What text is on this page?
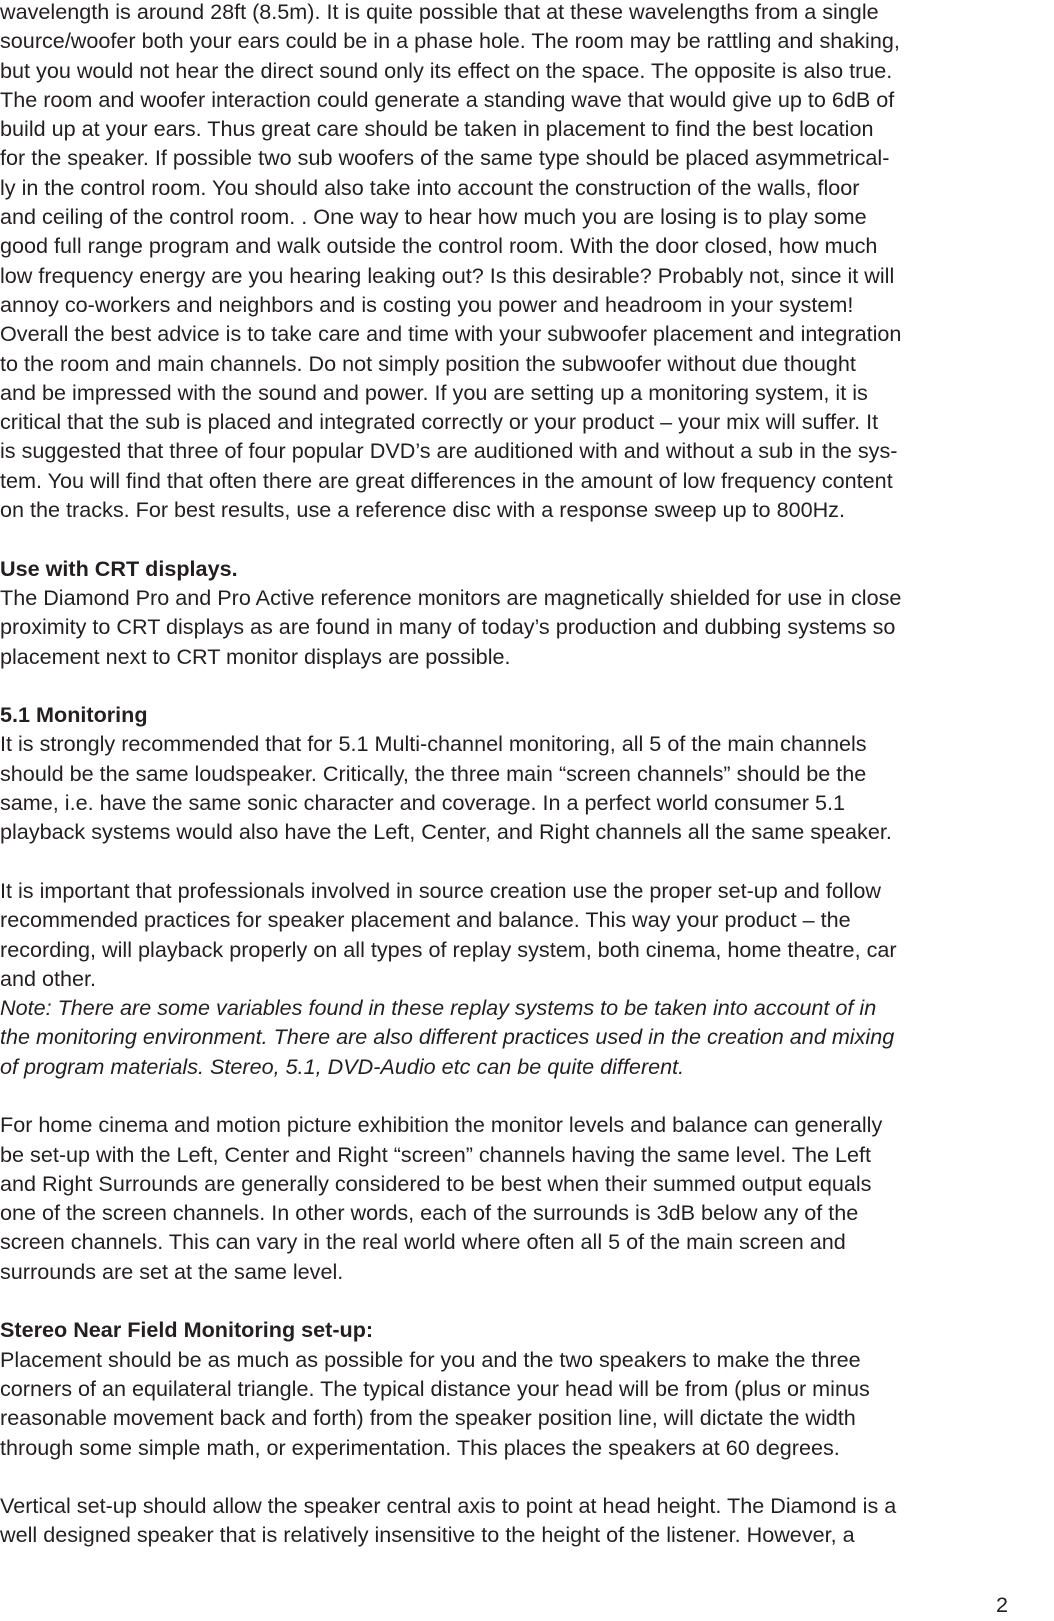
wavelength is around 28ft (8.5m). It is quite possible that at these wavelengths from a single
source/woofer both your ears could be in a phase hole. The room may be rattling and shaking,
but you would not hear the direct sound only its effect on the space. The opposite is also true.
The room and woofer interaction could generate a standing wave that would give up to 6dB of
build up at your ears. Thus great care should be taken in placement to find the best location
for the speaker. If possible two sub woofers of the same type should be placed asymmetrical-
ly in the control room. You should also take into account the construction of the walls, floor
and ceiling of the control room. . One way to hear how much you are losing is to play some
good full range program and walk outside the control room. With the door closed, how much
low frequency energy are you hearing leaking out? Is this desirable? Probably not, since it will
annoy co-workers and neighbors and is costing you power and headroom in your system!
Overall the best advice is to take care and time with your subwoofer placement and integration
to the room and main channels. Do not simply position the subwoofer without due thought
and be impressed with the sound and power. If you are setting up a monitoring system, it is
critical that the sub is placed and integrated correctly or your product – your mix will suffer. It
is suggested that three of four popular DVD’s are auditioned with and without a sub in the sys-
tem. You will find that often there are great differences in the amount of low frequency content
on the tracks. For best results, use a reference disc with a response sweep up to 800Hz.
Use with CRT displays.
The Diamond Pro and Pro Active reference monitors are magnetically shielded for use in close
proximity to CRT displays as are found in many of today’s production and dubbing systems so
placement next to CRT monitor displays are possible.
5.1 Monitoring
It is strongly recommended that for 5.1 Multi-channel monitoring, all 5 of the main channels
should be the same loudspeaker. Critically, the three main “screen channels” should be the
same, i.e. have the same sonic character and coverage. In a perfect world consumer 5.1
playback systems would also have the Left, Center, and Right channels all the same speaker.
It is important that professionals involved in source creation use the proper set-up and follow
recommended practices for speaker placement and balance. This way your product – the
recording, will playback properly on all types of replay system, both cinema, home theatre, car
and other.
Note: There are some variables found in these replay systems to be taken into account of in
the monitoring environment. There are also different practices used in the creation and mixing
of program materials. Stereo, 5.1, DVD-Audio etc can be quite different.
For home cinema and motion picture exhibition the monitor levels and balance can generally
be set-up with the Left, Center and Right “screen” channels having the same level. The Left
and Right Surrounds are generally considered to be best when their summed output equals
one of the screen channels. In other words, each of the surrounds is 3dB below any of the
screen channels. This can vary in the real world where often all 5 of the main screen and
surrounds are set at the same level.
Stereo Near Field Monitoring set-up:
Placement should be as much as possible for you and the two speakers to make the three
corners of an equilateral triangle. The typical distance your head will be from (plus or minus
reasonable movement back and forth) from the speaker position line, will dictate the width
through some simple math, or experimentation. This places the speakers at 60 degrees.
Vertical set-up should allow the speaker central axis to point at head height. The Diamond is a
well designed speaker that is relatively insensitive to the height of the listener. However, a
2
